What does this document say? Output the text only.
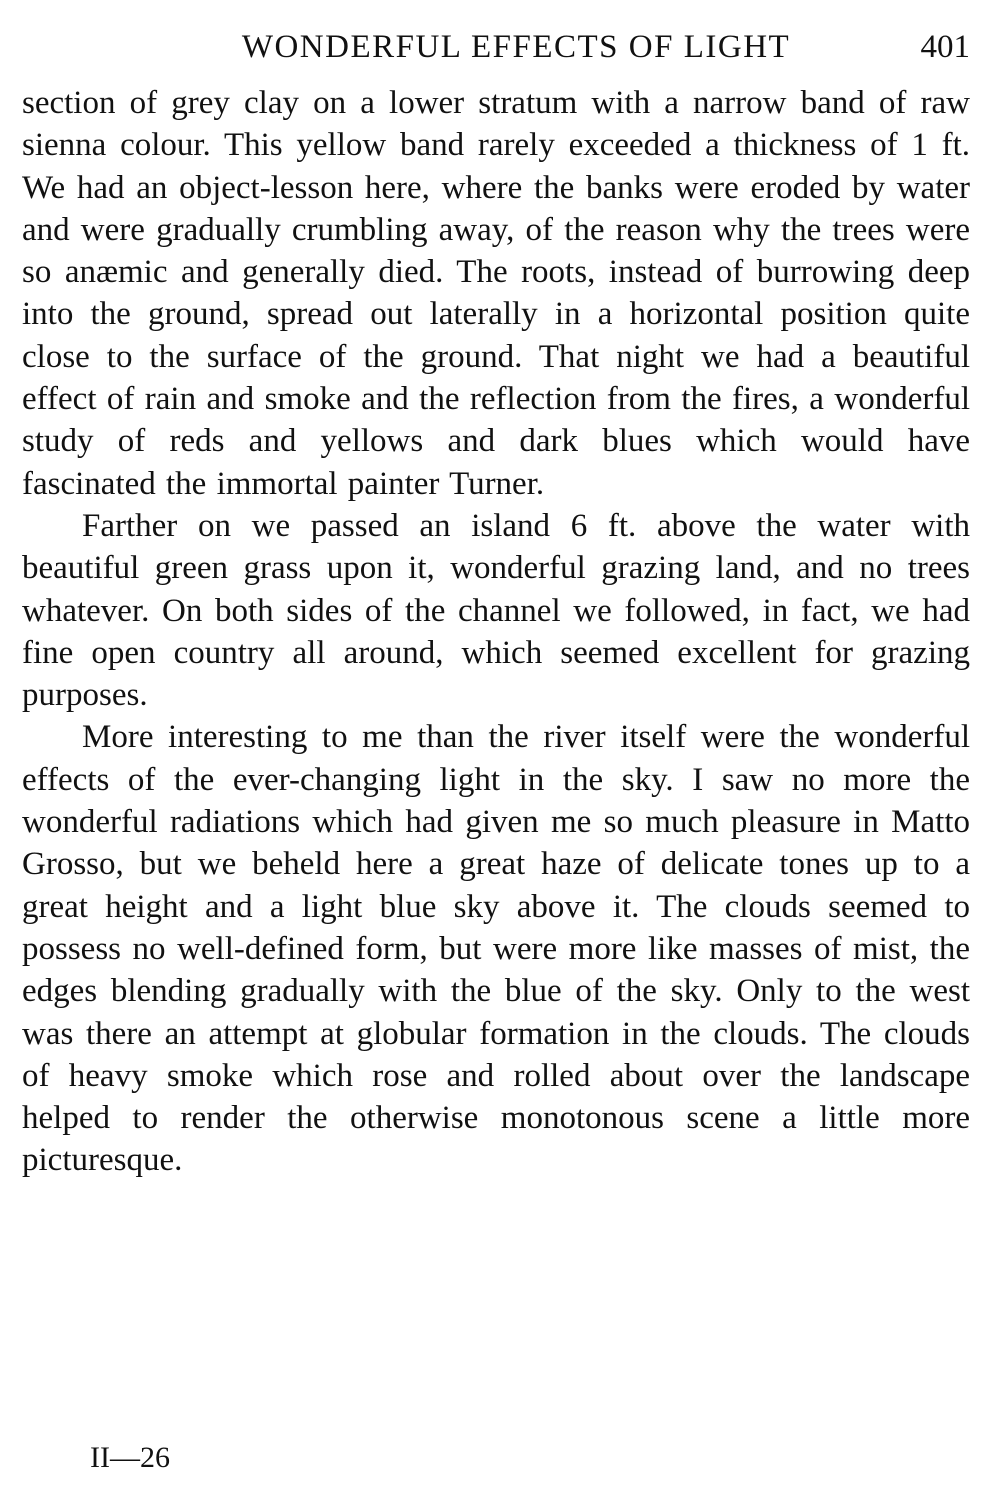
WONDERFUL EFFECTS OF LIGHT	401

section of grey clay on a lower stratum with a narrow band of raw sienna colour. This yellow band rarely exceeded a thickness of 1 ft. We had an object-lesson here, where the banks were eroded by water and were gradually crumbling away, of the reason why the trees were so anæmic and generally died. The roots, instead of burrowing deep into the ground, spread out laterally in a horizontal position quite close to the surface of the ground. That night we had a beautiful effect of rain and smoke and the reflection from the fires, a wonderful study of reds and yellows and dark blues which would have fascinated the immortal painter Turner.

Farther on we passed an island 6 ft. above the water with beautiful green grass upon it, wonderful grazing land, and no trees whatever. On both sides of the channel we followed, in fact, we had fine open country all around, which seemed excellent for grazing purposes.

More interesting to me than the river itself were the wonderful effects of the ever-changing light in the sky. I saw no more the wonderful radiations which had given me so much pleasure in Matto Grosso, but we beheld here a great haze of delicate tones up to a great height and a light blue sky above it. The clouds seemed to possess no well-defined form, but were more like masses of mist, the edges blending gradually with the blue of the sky. Only to the west was there an attempt at globular formation in the clouds. The clouds of heavy smoke which rose and rolled about over the landscape helped to render the otherwise monotonous scene a little more picturesque.

II—26
